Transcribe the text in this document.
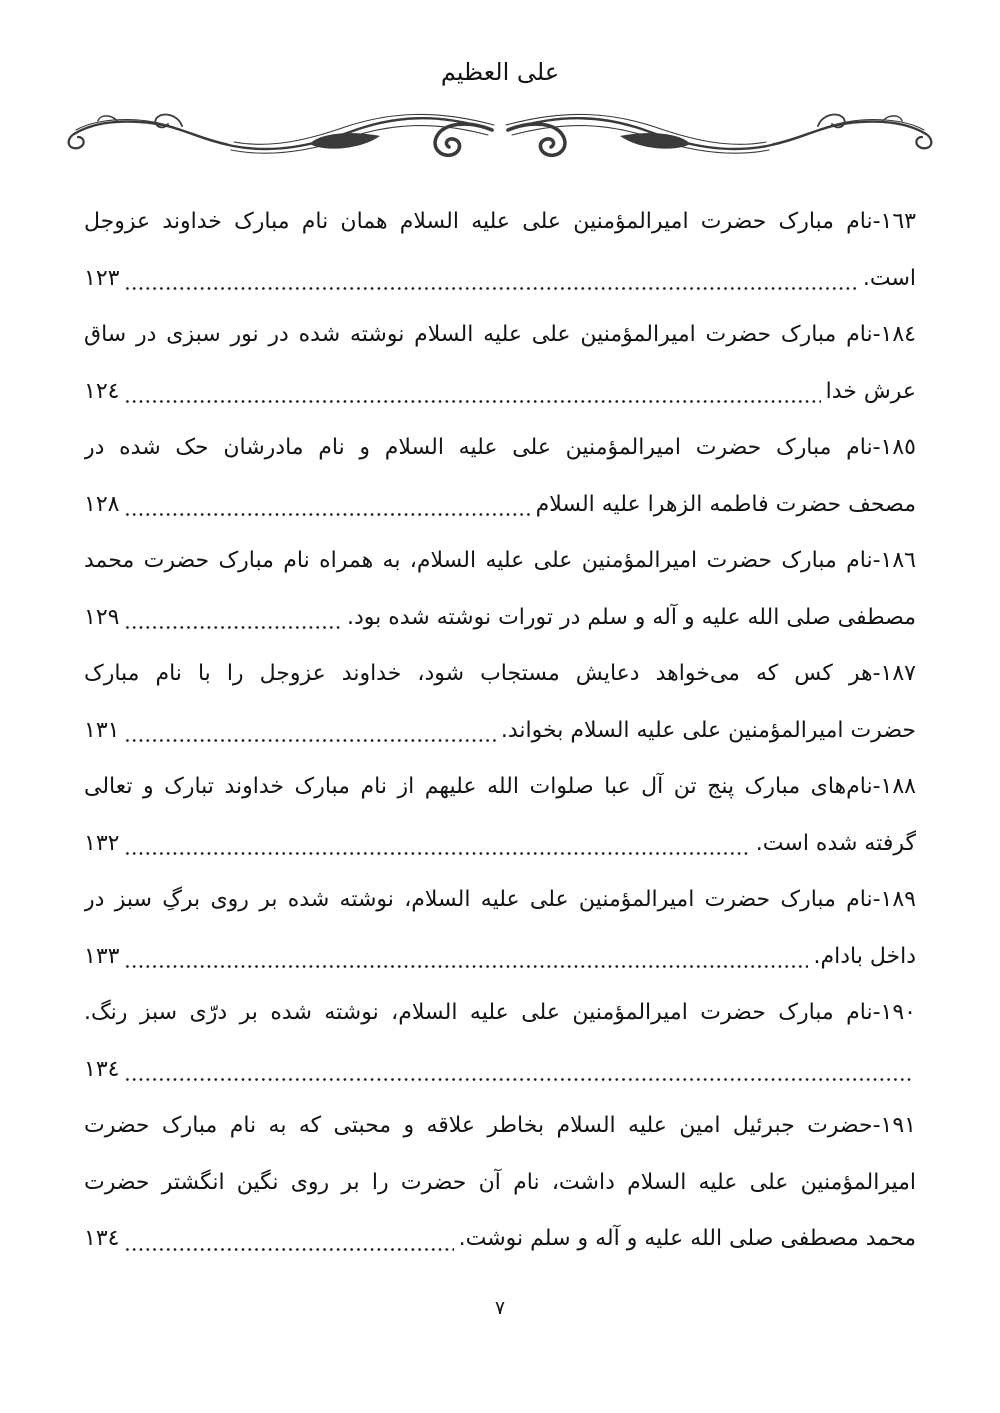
علی العظیم
١٦٣-نام مبارک حضرت امیرالمؤمنین علی علیه السلام همان نام مبارک خداوند عزوجل
است.
١٢٣
١٨٤-نام مبارک حضرت امیرالمؤمنین علی علیه السلام نوشته شده در نور سبزی در ساق
عرش خدا
١٢٤
١٨٥-نام مبارک حضرت امیرالمؤمنین علی علیه السلام و نام مادرشان حک شده در
مصحف حضرت فاطمه الزهرا علیه السلام
١٢٨
١٨٦-نام مبارک حضرت امیرالمؤمنین علی علیه السلام، به همراه نام مبارک حضرت محمد
مصطفی صلی الله علیه و آله و سلم در تورات نوشته شده بود.
١٢٩
١٨٧-هر کس که می‌خواهد دعایش مستجاب شود، خداوند عزوجل را با نام مبارک
حضرت امیرالمؤمنین علی علیه السلام بخواند.
١٣١
١٨٨-نام‌های مبارک پنج تن آل عبا صلوات الله علیهم از نام مبارک خداوند تبارک و تعالی
گرفته شده است.
١٣٢
١٨٩-نام مبارک حضرت امیرالمؤمنین علی علیه السلام، نوشته شده بر روی برگِ سبز در
داخل بادام.
١٣٣
١٩٠-نام مبارک حضرت امیرالمؤمنین علی علیه السلام، نوشته شده بر درّی سبز رنگ.
١٣٤
١٩١-حضرت جبرئیل امین علیه السلام بخاطر علاقه و محبتی که به نام مبارک حضرت
امیرالمؤمنین علی علیه السلام داشت، نام آن حضرت را بر روی نگین انگشتر حضرت
محمد مصطفی صلی الله علیه و آله و سلم نوشت.
١٣٤
٧
